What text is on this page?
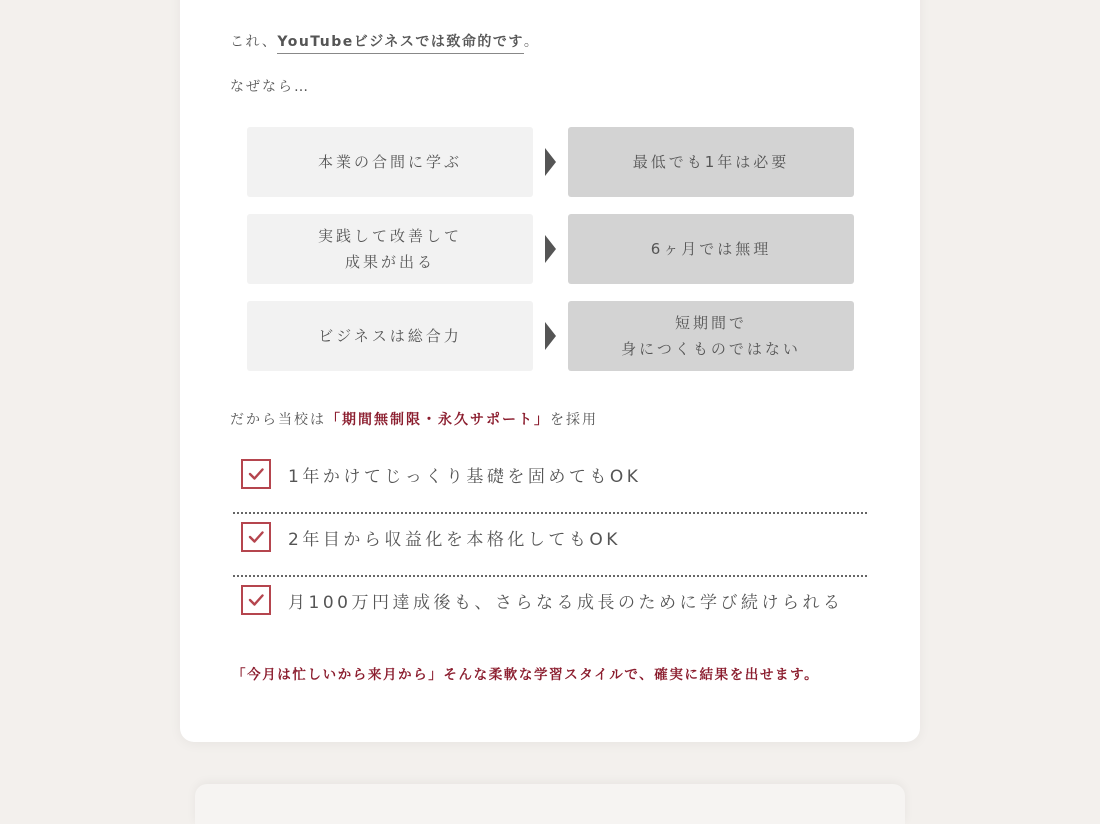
これ、YouTubeビジネスでは致命的です。
なぜなら…
本業の合間に学ぶ	最低でも1年は必要
実践して改善して
成果が出る
6ヶ月では無理
ビジネスは総合力
短期間で
身につくものではない
だから当校は「期間無制限・永久サポート」を採用
1年かけてじっくり基礎を固めてもOK
2年目から収益化を本格化してもOK
月100万円達成後も、さらなる成長のために学び続けられる
「今月は忙しいから来月から」そんな柔軟な学習スタイルで、確実に結果を出せます。
